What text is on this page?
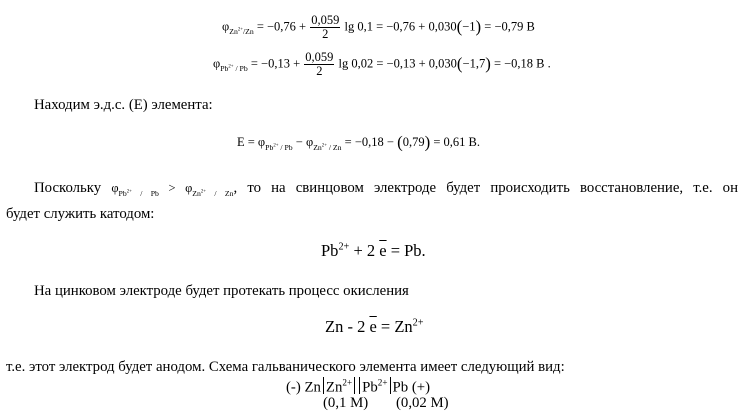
$\varphi_{Zn^{2+}/Zn} = -0,76 + \frac{0,059}{2}$ lg 0,1 = −0,76 + 0,030(−1) = −0,79 В
$\varphi_{Pb^{2+} / Pb} = -0,13 + \frac{0,059}{2}$ lg 0,02 = −0,13 + 0,030(−1,7) = −0,18 В .
Находим э.д.с. (Е) элемента:
$E = \varphi_{Pb^{2+} / Pb} - \varphi_{Zn^{2+} / Zn} = -0,18 - (0,79) = 0,61$ В.
Поскольку $\varphi_{Pb^{2+} / Pb} > \varphi_{Zn^{2+} / Zn}$, то на свинцовом электроде будет происходить восстановление, т.е. он
будет служить катодом:
$Pb^{2+} + 2$ $\overline{e} = Pb$.
На цинковом электроде будет протекать процесс окисления
Zn - 2 $\overline{e} = Zn^{2+}$
т.е. этот электрод будет анодом. Схема гальванического элемента имеет следующий вид:
(-) Zn $Zn^{2+}$ $Pb^{2+}$ Pb (+)
(0,1 М) (0,02 М)
